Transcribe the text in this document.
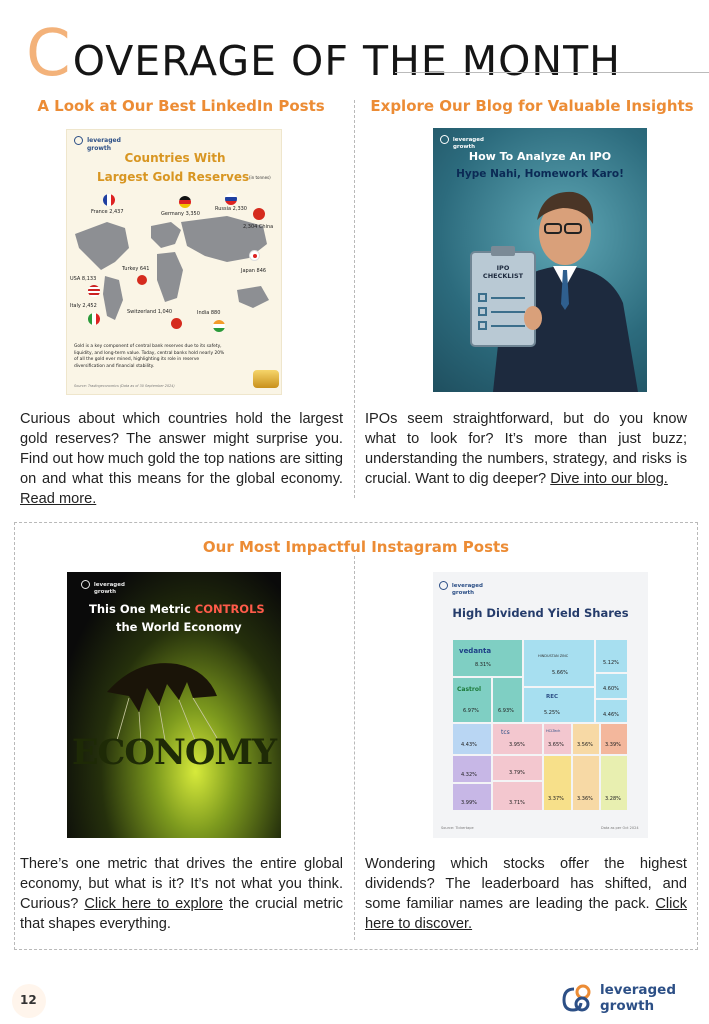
C OVERAGE OF THE MONTH
A Look at Our Best LinkedIn Posts
leveraged
growth
Countries With
Largest Gold Reserves (in tonnes)
France 2,437	Germany 3,350
Russia 2,330
2,304 China
Turkey 641	Japan 846
USA 8,133
Italy 2,452
Switzerland 1,040	India 880
Gold is a key component of central bank reserves due to its safety,
liquidity, and long-term value. Today, central banks hold nearly 20%
of all the gold ever mined, highlighting its role in reserve
diversification and financial stability.
Source: Tradingeconomics (Data as of 30 September 2024)

Curious about which countries hold the largest gold reserves? The answer might surprise you. Find out how much gold the top nations are sitting on and what this means for the global economy. Read more.

Explore Our Blog for Valuable Insights
leveraged
growth
How To Analyze An IPO
Hype Nahi, Homework Karo!
IPO
CHECKLIST

IPOs seem straightforward, but do you know what to look for? It’s more than just buzz; understanding the numbers, strategy, and risks is crucial. Want to dig deeper? Dive into our blog.

Our Most Impactful Instagram Posts
leveraged
growth
This One Metric CONTROLS
the World Economy
ECONOMY

There’s one metric that drives the entire global economy, but what is it? It’s not what you think. Curious? Click here to explore the crucial metric that shapes everything.

leveraged
growth
High Dividend Yield Shares
vedanta
8.31%
HINDUSTAN ZINC
5.66%
5.12%
4.60%
Castrol
6.97%	6.93%
REC
5.25%	4.46%
4.43%
tcs
3.95%
HCLTech
3.65%	3.56% 3.39%
4.32%	3.79%
3.99%	3.71%
3.37%	3.36% 3.28%
Source: Tickertape	Data as per Oct 2024

Wondering which stocks offer the highest dividends? The leaderboard has shifted, and some familiar names are leading the pack. Click here to discover.

12
leveraged
growth
